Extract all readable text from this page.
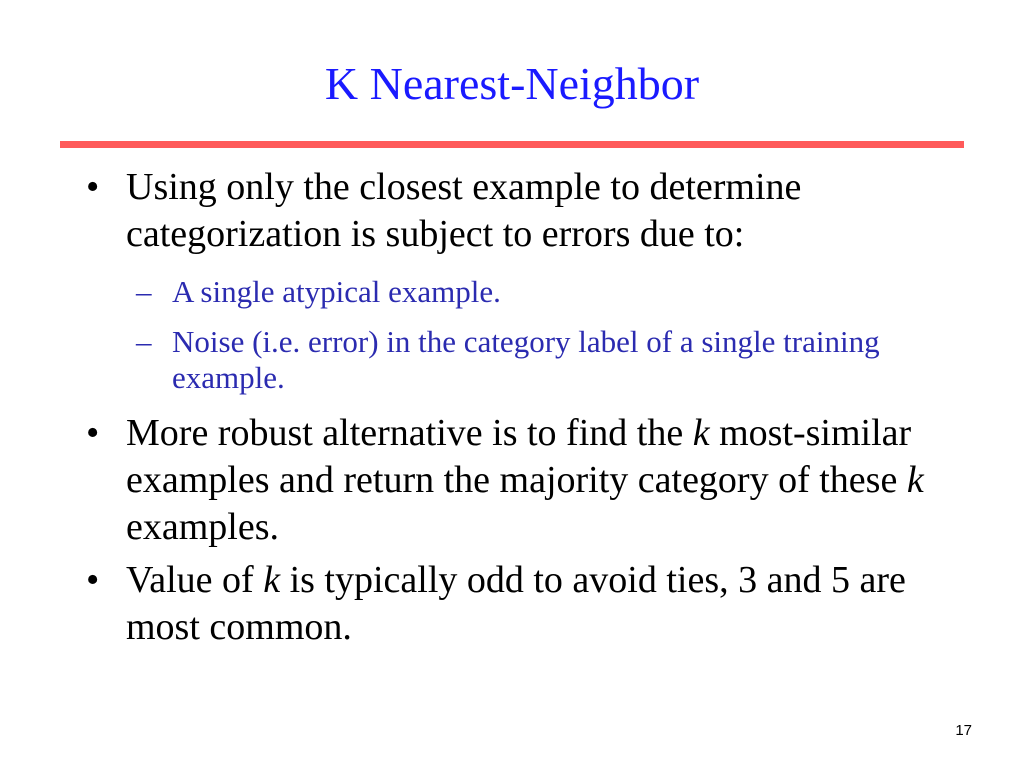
K Nearest-Neighbor
• Using only the closest example to determine categorization is subject to errors due to:
– A single atypical example.
– Noise (i.e. error) in the category label of a single training example.
• More robust alternative is to find the k most-similar examples and return the majority category of these k examples.
• Value of k is typically odd to avoid ties, 3 and 5 are most common.
17
